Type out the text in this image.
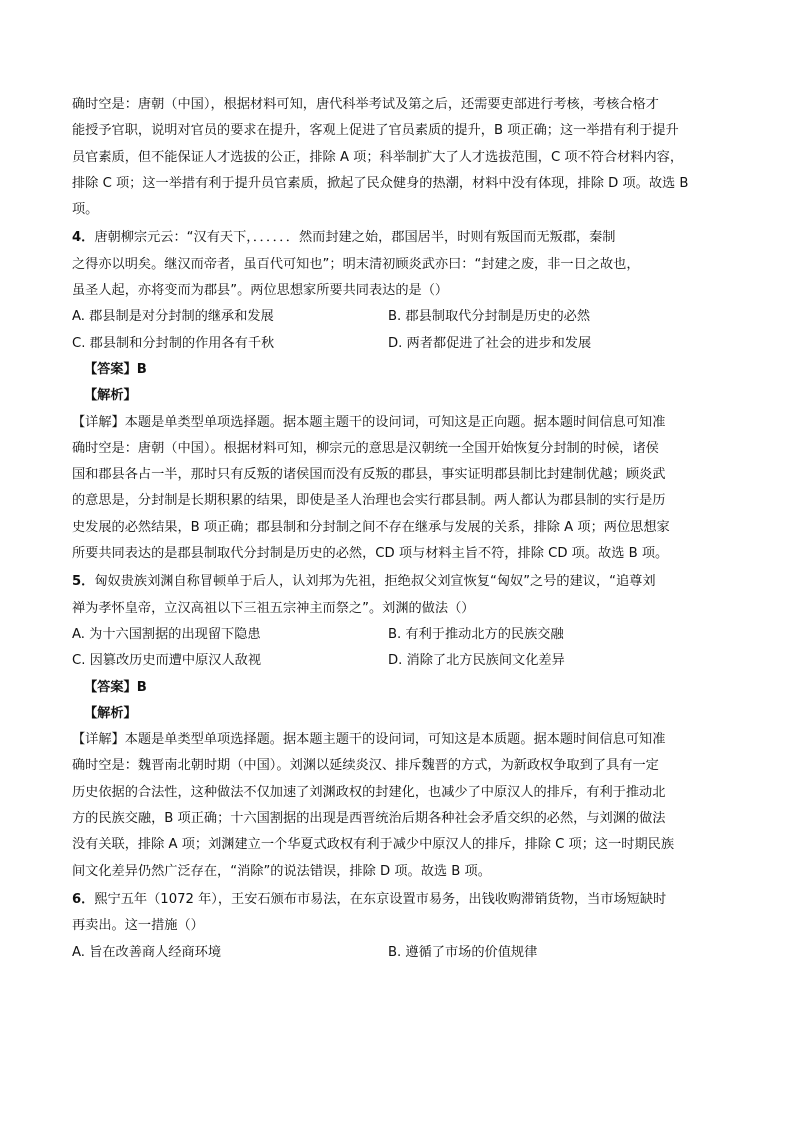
确时空是：唐朝（中国），根据材料可知，唐代科举考试及第之后，还需要吏部进行考核，考核合格才
能授予官职，说明对官员的要求在提升，客观上促进了官员素质的提升，B 项正确；这一举措有利于提升
员官素质，但不能保证人才选拔的公正，排除 A 项；科举制扩大了人才选拔范围，C 项不符合材料内容，
排除 C 项；这一举措有利于提升员官素质，掀起了民众健身的热潮，材料中没有体现，排除 D 项。故选 B
项。
4．唐朝柳宗元云：“汉有天下，．．．．．．然而封建之始，郡国居半，时则有叛国而无叛郡，秦制
之得亦以明矣。继汉而帝者，虽百代可知也”；明末清初顾炎武亦曰：“封建之废，非一日之故也，
虽圣人起，亦将变而为郡县”。两位思想家所要共同表达的是（）
A. 郡县制是对分封制的继承和发展	B. 郡县制取代分封制是历史的必然
C. 郡县制和分封制的作用各有千秋	D. 两者都促进了社会的进步和发展
【答案】B
【解析】
【详解】本题是单类型单项选择题。据本题主题干的设问词，可知这是正向题。据本题时间信息可知准
确时空是：唐朝（中国）。根据材料可知，柳宗元的意思是汉朝统一全国开始恢复分封制的时候，诸侯
国和郡县各占一半，那时只有反叛的诸侯国而没有反叛的郡县，事实证明郡县制比封建制优越；顾炎武
的意思是，分封制是长期积累的结果，即使是圣人治理也会实行郡县制。两人都认为郡县制的实行是历
史发展的必然结果，B 项正确；郡县制和分封制之间不存在继承与发展的关系，排除 A 项；两位思想家
所要共同表达的是郡县制取代分封制是历史的必然，CD 项与材料主旨不符，排除 CD 项。故选 B 项。
5．匈奴贵族刘渊自称冒顿单于后人，认刘邦为先祖，拒绝叔父刘宣恢复“匈奴”之号的建议，“追尊刘
禅为孝怀皇帝，立汉高祖以下三祖五宗神主而祭之”。刘渊的做法（）
A. 为十六国割据的出现留下隐患	B. 有利于推动北方的民族交融
C. 因篡改历史而遭中原汉人敌视	D. 消除了北方民族间文化差异
【答案】B
【解析】
【详解】本题是单类型单项选择题。据本题主题干的设问词，可知这是本质题。据本题时间信息可知准
确时空是：魏晋南北朝时期（中国）。刘渊以延续炎汉、排斥魏晋的方式，为新政权争取到了具有一定
历史依据的合法性，这种做法不仅加速了刘渊政权的封建化，也减少了中原汉人的排斥，有利于推动北
方的民族交融，B 项正确；十六国割据的出现是西晋统治后期各种社会矛盾交织的必然，与刘渊的做法
没有关联，排除 A 项；刘渊建立一个华夏式政权有利于减少中原汉人的排斥，排除 C 项；这一时期民族
间文化差异仍然广泛存在，“消除”的说法错误，排除 D 项。故选 B 项。
6．熙宁五年（1072 年），王安石颁布市易法，在东京设置市易务，出钱收购滞销货物，当市场短缺时
再卖出。这一措施（）
A. 旨在改善商人经商环境	B. 遵循了市场的价值规律
